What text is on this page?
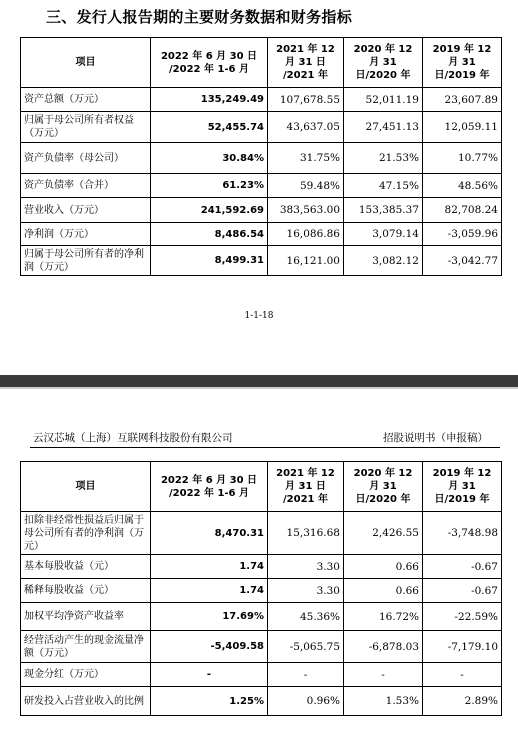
三、发行人报告期的主要财务数据和财务指标
项目	2022 年 6 月 30 日 /2022 年 1-6 月	2021 年 12 月 31 日 /2021 年	2020 年 12 月 31 日/2020 年	2019 年 12 月 31 日/2019 年
资产总额（万元）	135,249.49	107,678.55	52,011.19	23,607.89
归属于母公司所有者权益（万元）	52,455.74	43,637.05	27,451.13	12,059.11
资产负债率（母公司）	30.84%	31.75%	21.53%	10.77%
资产负债率（合并）	61.23%	59.48%	47.15%	48.56%
营业收入（万元）	241,592.69	383,563.00	153,385.37	82,708.24
净利润（万元）	8,486.54	16,086.86	3,079.14	-3,059.96
归属于母公司所有者的净利润（万元）	8,499.31	16,121.00	3,082.12	-3,042.77
1-1-18
云汉芯城（上海）互联网科技股份有限公司	招股说明书（申报稿）
项目	2022 年 6 月 30 日 /2022 年 1-6 月	2021 年 12 月 31 日 /2021 年	2020 年 12 月 31 日/2020 年	2019 年 12 月 31 日/2019 年
扣除非经常性损益后归属于母公司所有者的净利润（万元）	8,470.31	15,316.68	2,426.55	-3,748.98
基本每股收益（元）	1.74	3.30	0.66	-0.67
稀释每股收益（元）	1.74	3.30	0.66	-0.67
加权平均净资产收益率	17.69%	45.36%	16.72%	-22.59%
经营活动产生的现金流量净额（万元）	-5,409.58	-5,065.75	-6,878.03	-7,179.10
现金分红（万元）	-	-	-	-
研发投入占营业收入的比例	1.25%	0.96%	1.53%	2.89%
